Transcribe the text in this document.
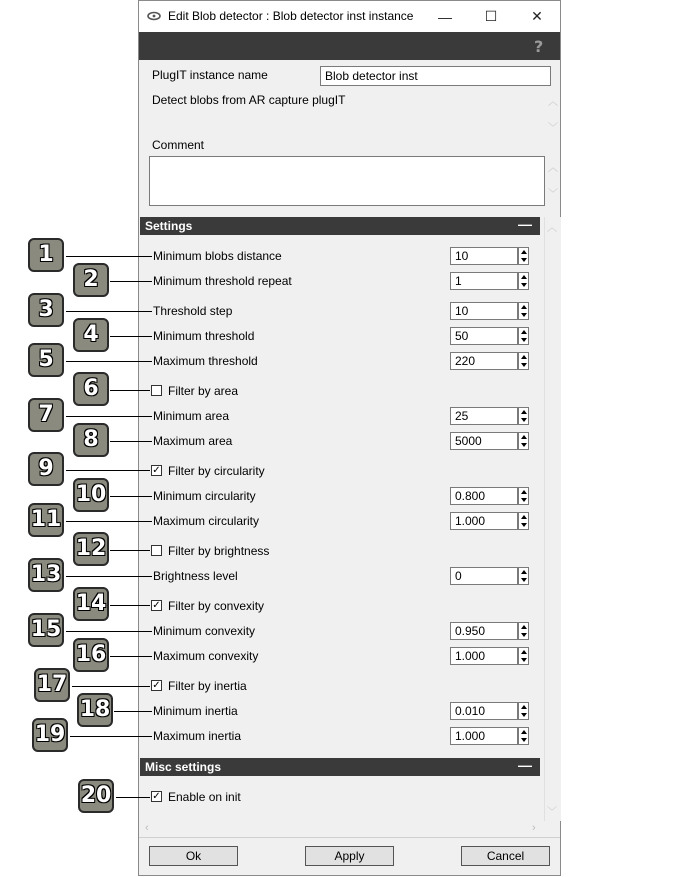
Edit Blob detector : Blob detector inst instance	—	☐	✕
?
PlugIT instance name	Blob detector inst
Detect blobs from AR capture plugIT	︿

﹀
Comment
︿

﹀
Settings	—
Minimum blobs distance	10
Minimum threshold repeat	1
Threshold step	10
Minimum threshold	50
Maximum threshold	220
Filter by area
Minimum area	25
Maximum area	5000
✓ Filter by circularity
Minimum circularity	0.800
Maximum circularity	1.000
Filter by brightness
Brightness level	0
✓ Filter by convexity
Minimum convexity	0.950
Maximum convexity	1.000
✓ Filter by inertia
Minimum inertia	0.010
Maximum inertia	1.000
Misc settings	—
✓ Enable on init
︿
﹀
‹	›
Ok	Apply	Cancel
1
2
3
4
5
6
7
8
9
10
11
12
13
14
15
16
17
18
19
20
